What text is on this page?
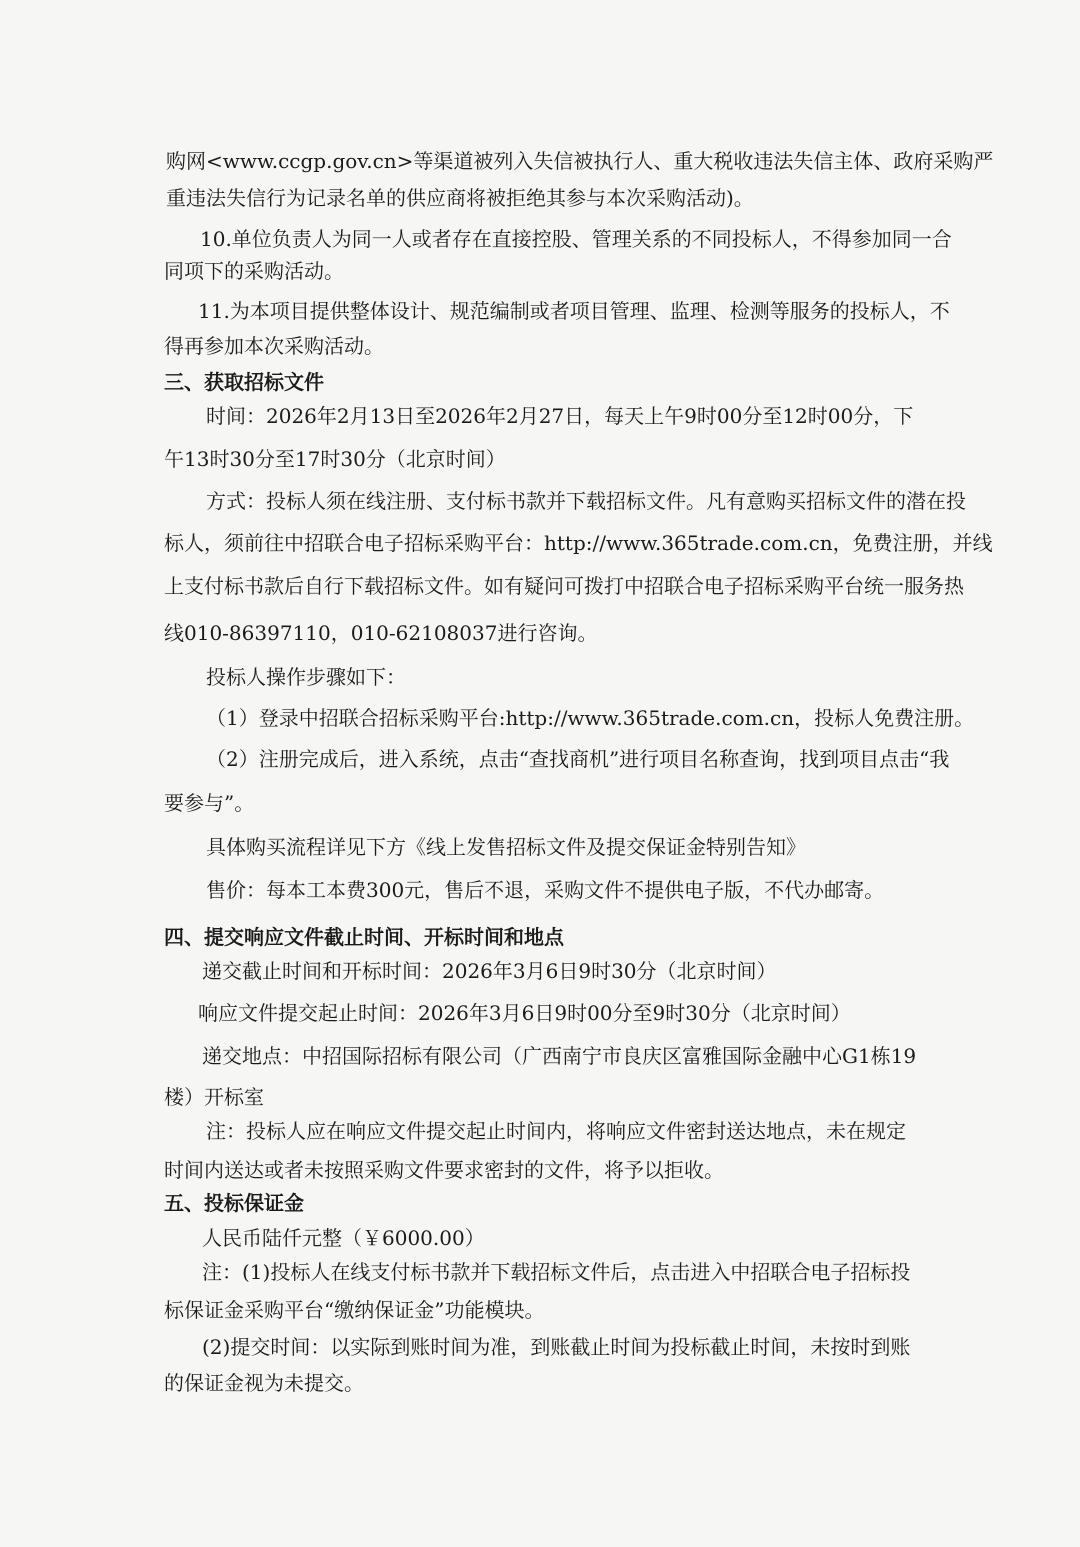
购网<www.ccgp.gov.cn>等渠道被列入失信被执行人、重大税收违法失信主体、政府采购严
重违法失信行为记录名单的供应商将被拒绝其参与本次采购活动)。
10.单位负责人为同一人或者存在直接控股、管理关系的不同投标人，不得参加同一合
同项下的采购活动。
11.为本项目提供整体设计、规范编制或者项目管理、监理、检测等服务的投标人，不
得再参加本次采购活动。
三、获取招标文件
时间：2026年2月13日至2026年2月27日，每天上午9时00分至12时00分，下
午13时30分至17时30分（北京时间）
方式：投标人须在线注册、支付标书款并下载招标文件。凡有意购买招标文件的潜在投
标人，须前往中招联合电子招标采购平台：http://www.365trade.com.cn，免费注册，并线
上支付标书款后自行下载招标文件。如有疑问可拨打中招联合电子招标采购平台统一服务热
线010-86397110，010-62108037进行咨询。
投标人操作步骤如下：
（1）登录中招联合招标采购平台:http://www.365trade.com.cn，投标人免费注册。
（2）注册完成后，进入系统，点击“查找商机”进行项目名称查询，找到项目点击“我
要参与”。
具体购买流程详见下方《线上发售招标文件及提交保证金特别告知》
售价：每本工本费300元，售后不退，采购文件不提供电子版，不代办邮寄。
四、提交响应文件截止时间、开标时间和地点
递交截止时间和开标时间：2026年3月6日9时30分（北京时间）
响应文件提交起止时间：2026年3月6日9时00分至9时30分（北京时间）
递交地点：中招国际招标有限公司（广西南宁市良庆区富雅国际金融中心G1栋19
楼）开标室
注：投标人应在响应文件提交起止时间内，将响应文件密封送达地点，未在规定
时间内送达或者未按照采购文件要求密封的文件，将予以拒收。
五、投标保证金
人民币陆仟元整（￥6000.00）
注：(1)投标人在线支付标书款并下载招标文件后，点击进入中招联合电子招标投
标保证金采购平台“缴纳保证金”功能模块。
(2)提交时间：以实际到账时间为准，到账截止时间为投标截止时间，未按时到账
的保证金视为未提交。
